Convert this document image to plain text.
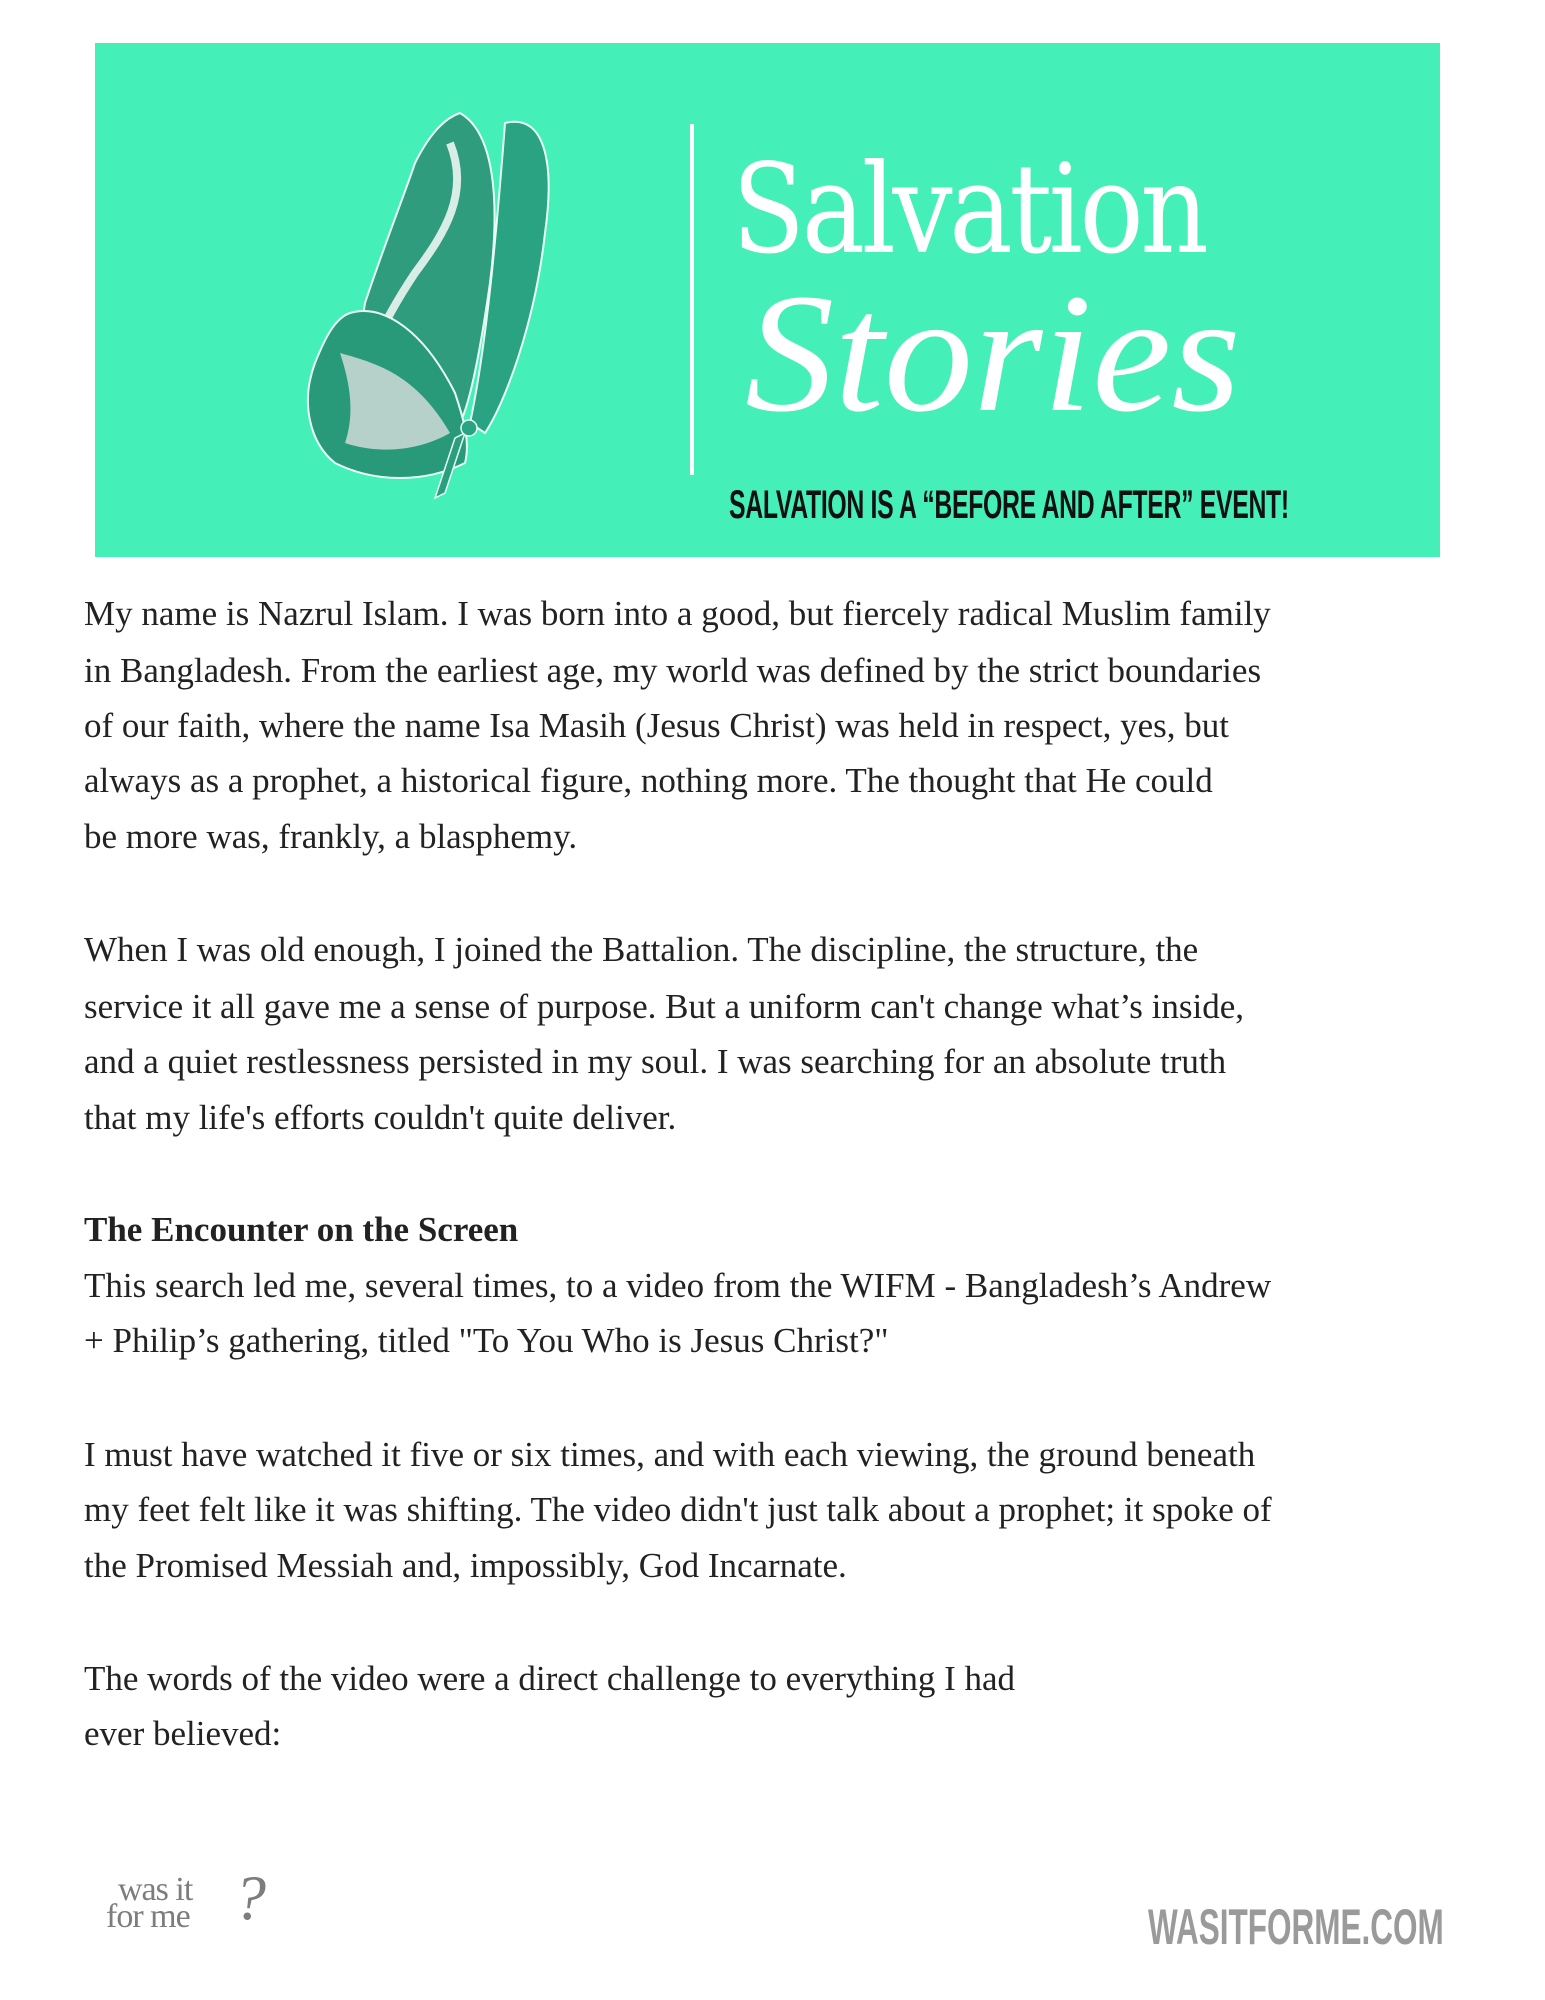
Salvation
Stories
SALVATION IS A “BEFORE AND AFTER” EVENT!
My name is Nazrul Islam. I was born into a good, but fiercely radical Muslim family
in Bangladesh. From the earliest age, my world was defined by the strict boundaries
of our faith, where the name Isa Masih (Jesus Christ) was held in respect, yes, but
always as a prophet, a historical figure, nothing more. The thought that He could
be more was, frankly, a blasphemy.
When I was old enough, I joined the Battalion. The discipline, the structure, the
service it all gave me a sense of purpose. But a uniform can't change what’s inside,
and a quiet restlessness persisted in my soul. I was searching for an absolute truth
that my life's efforts couldn't quite deliver.
The Encounter on the Screen
This search led me, several times, to a video from the WIFM - Bangladesh’s Andrew
+ Philip’s gathering, titled "To You Who is Jesus Christ?"
I must have watched it five or six times, and with each viewing, the ground beneath
my feet felt like it was shifting. The video didn't just talk about a prophet; it spoke of
the Promised Messiah and, impossibly, God Incarnate.
The words of the video were a direct challenge to everything I had
ever believed:
was it
for me ?	WASITFORME.COM
